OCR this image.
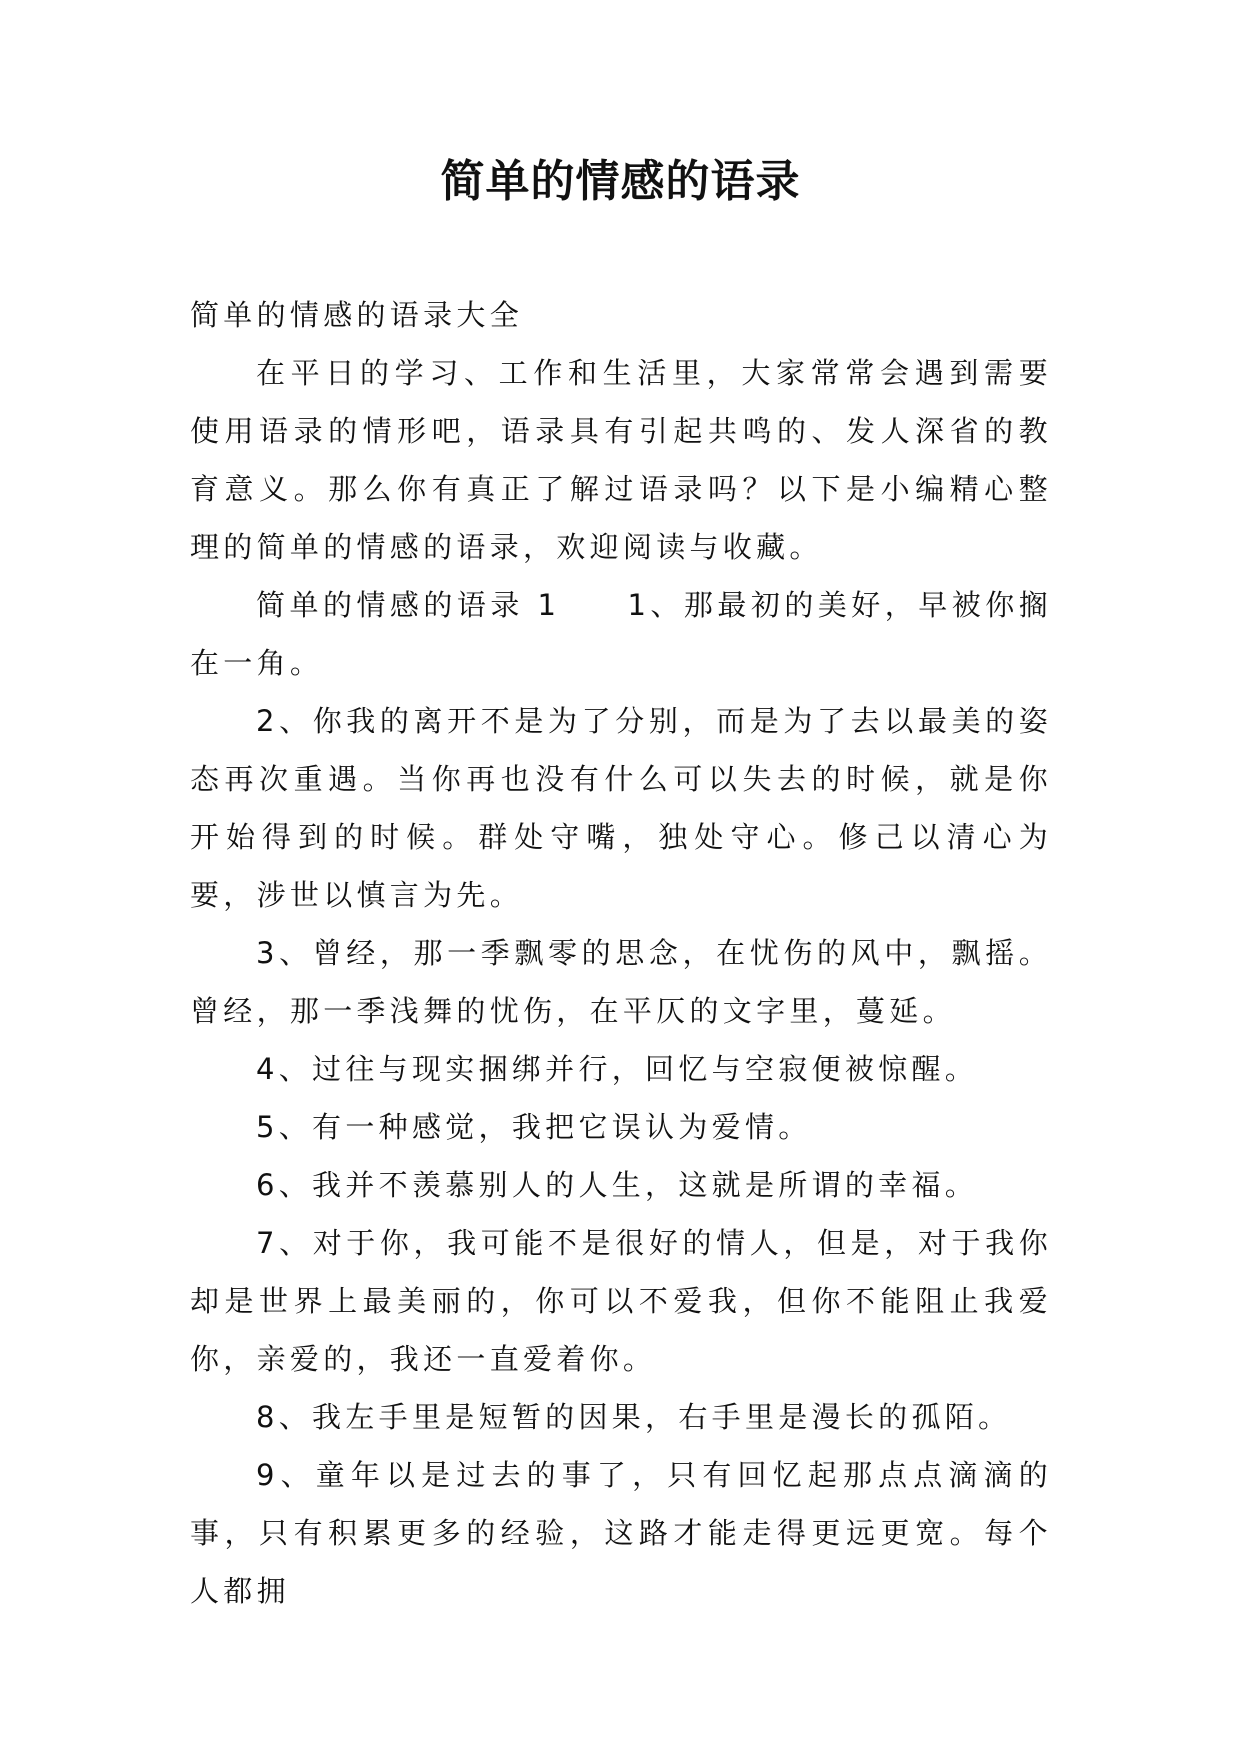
简单的情感的语录

简单的情感的语录大全

在平日的学习、工作和生活里，大家常常会遇到需要使用语录的情形吧，语录具有引起共鸣的、发人深省的教育意义。那么你有真正了解过语录吗？以下是小编精心整理的简单的情感的语录，欢迎阅读与收藏。

简单的情感的语录 1　　1、那最初的美好，早被你搁在一角。

2、你我的离开不是为了分别，而是为了去以最美的姿态再次重遇。当你再也没有什么可以失去的时候，就是你开始得到的时候。群处守嘴，独处守心。修己以清心为要，涉世以慎言为先。

3、曾经，那一季飘零的思念，在忧伤的风中，飘摇。曾经，那一季浅舞的忧伤，在平仄的文字里，蔓延。

4、过往与现实捆绑并行，回忆与空寂便被惊醒。

5、有一种感觉，我把它误认为爱情。

6、我并不羡慕别人的人生，这就是所谓的幸福。

7、对于你，我可能不是很好的情人，但是，对于我你却是世界上最美丽的，你可以不爱我，但你不能阻止我爱你，亲爱的，我还一直爱着你。

8、我左手里是短暂的因果，右手里是漫长的孤陌。

9、童年以是过去的事了，只有回忆起那点点滴滴的事，只有积累更多的经验，这路才能走得更远更宽。每个人都拥
